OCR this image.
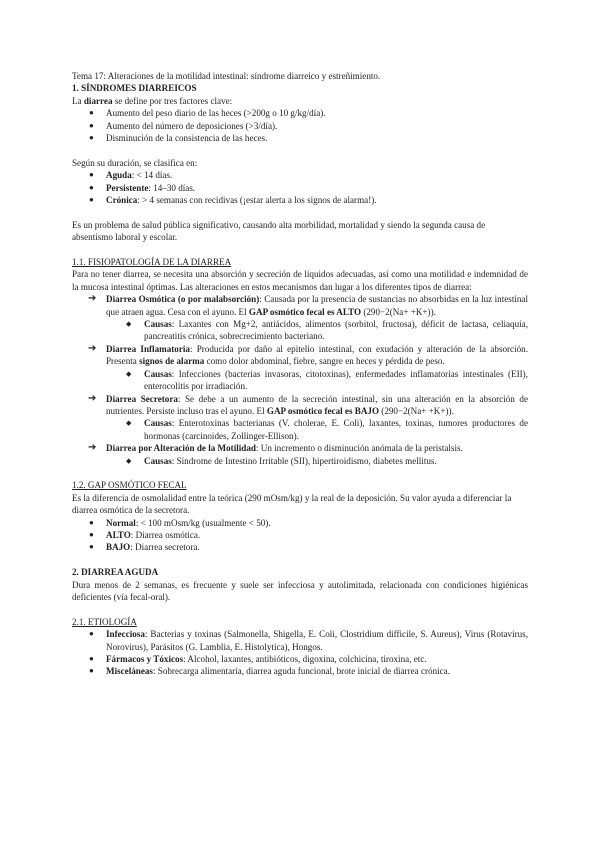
Tema 17: Alteraciones de la motilidad intestinal: síndrome diarreico y estreñimiento.

1. SÍNDROMES DIARREICOS

La diarrea se define por tres factores clave:

● Aumento del peso diario de las heces (>200g o 10 g/kg/día).
● Aumento del número de deposiciones (>3/día).
● Disminución de la consistencia de las heces.

Según su duración, se clasifica en:

● Aguda: < 14 días.
● Persistente: 14–30 días.
● Crónica: > 4 semanas con recidivas (¡estar alerta a los signos de alarma!).

Es un problema de salud pública significativo, causando alta morbilidad, mortalidad y siendo la segunda causa de absentismo laboral y escolar.

1.1. FISIOPATOLOGÍA DE LA DIARREA

Para no tener diarrea, se necesita una absorción y secreción de líquidos adecuadas, así como una motilidad e indemnidad de la mucosa intestinal óptimas. Las alteraciones en estos mecanismos dan lugar a los diferentes tipos de diarrea:

➔ Diarrea Osmótica (o por malabsorción): Causada por la presencia de sustancias no absorbidas en la luz intestinal que atraen agua. Cesa con el ayuno. El GAP osmótico fecal es ALTO (290−2(Na+ +K+)).
◆ Causas: Laxantes con Mg+2, antiácidos, alimentos (sorbitol, fructosa), déficit de lactasa, celiaquía, pancreatitis crónica, sobrecrecimiento bacteriano.
➔ Diarrea Inflamatoria: Producida por daño al epitelio intestinal, con exudación y alteración de la absorción. Presenta signos de alarma como dolor abdominal, fiebre, sangre en heces y pérdida de peso.
◆ Causas: Infecciones (bacterias invasoras, citotoxinas), enfermedades inflamatorias intestinales (EII), enterocolitis por irradiación.
➔ Diarrea Secretora: Se debe a un aumento de la secreción intestinal, sin una alteración en la absorción de nutrientes. Persiste incluso tras el ayuno. El GAP osmótico fecal es BAJO (290−2(Na+ +K+)).
◆ Causas: Enterotoxinas bacterianas (V. cholerae, E. Coli), laxantes, toxinas, tumores productores de hormonas (carcinoides, Zollinger-Ellison).
➔ Diarrea por Alteración de la Motilidad: Un incremento o disminución anómala de la peristalsis.
◆ Causas: Síndrome de Intestino Irritable (SII), hipertiroidismo, diabetes mellitus.

1.2. GAP OSMÓTICO FECAL

Es la diferencia de osmolalidad entre la teórica (290 mOsm/kg) y la real de la deposición. Su valor ayuda a diferenciar la diarrea osmótica de la secretora.

● Normal: < 100 mOsm/kg (usualmente < 50).
● ALTO: Diarrea osmótica.
● BAJO: Diarrea secretora.

2. DIARREA AGUDA

Dura menos de 2 semanas, es frecuente y suele ser infecciosa y autolimitada, relacionada con condiciones higiénicas deficientes (vía fecal-oral).

2.1. ETIOLOGÍA

● Infecciosa: Bacterias y toxinas (Salmonella, Shigella, E. Coli, Clostridium difficile, S. Aureus), Virus (Rotavirus, Norovirus), Parásitos (G. Lamblia, E. Histolytica), Hongos.
● Fármacos y Tóxicos: Alcohol, laxantes, antibióticos, digoxina, colchicina, tiroxina, etc.
● Misceláneas: Sobrecarga alimentaria, diarrea aguda funcional, brote inicial de diarrea crónica.
